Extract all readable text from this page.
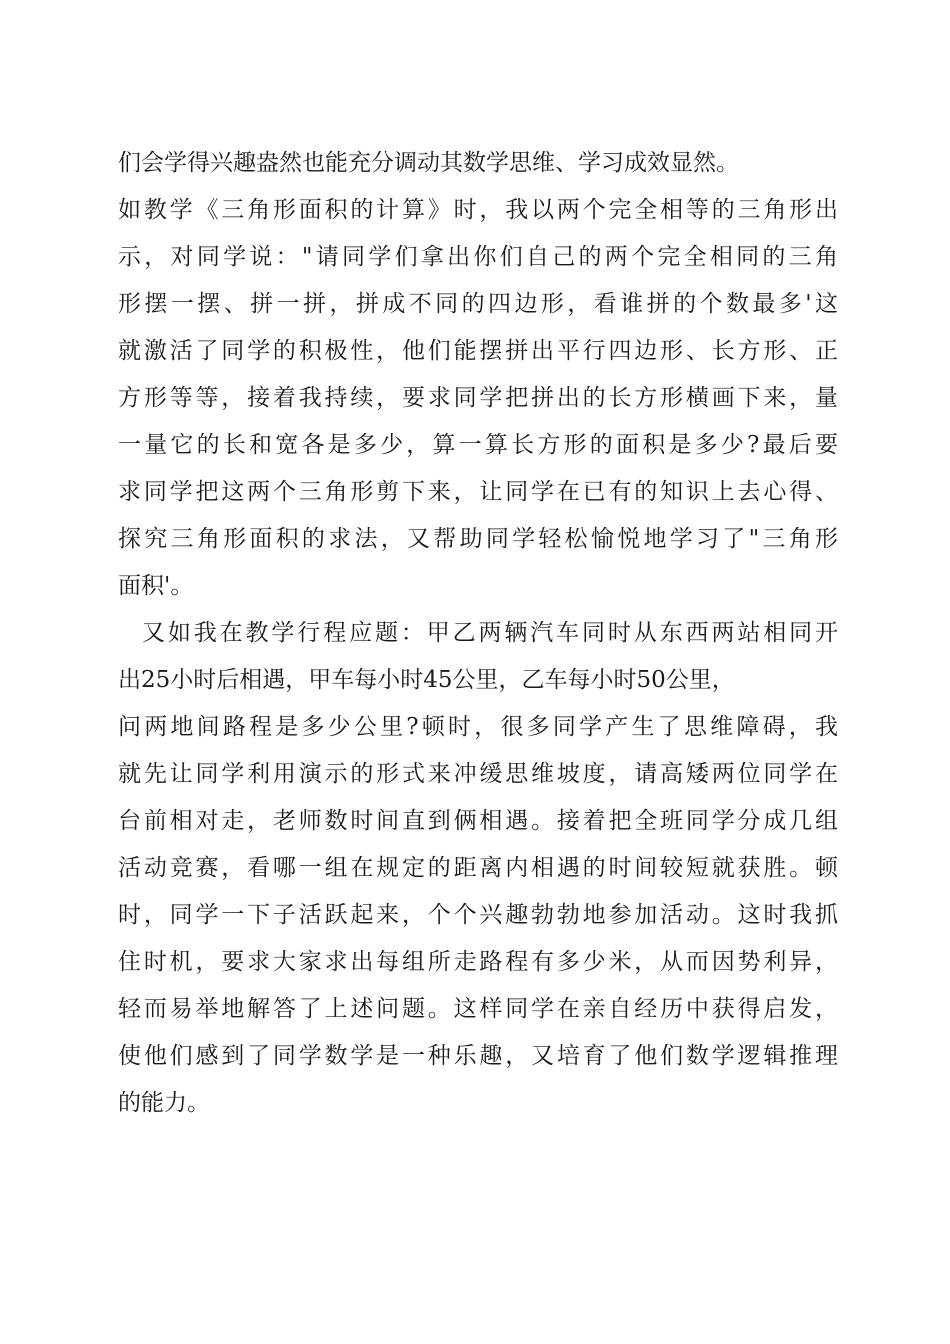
们会学得兴趣盎然也能充分调动其数学思维、学习成效显然。
如教学《三角形面积的计算》时，我以两个完全相等的三角形出
示，对同学说："请同学们拿出你们自己的两个完全相同的三角
形摆一摆、拼一拼，拼成不同的四边形，看谁拼的个数最多'这
就激活了同学的积极性，他们能摆拼出平行四边形、长方形、正
方形等等，接着我持续，要求同学把拼出的长方形横画下来，量
一量它的长和宽各是多少，算一算长方形的面积是多少?最后要
求同学把这两个三角形剪下来，让同学在已有的知识上去心得、
探究三角形面积的求法，又帮助同学轻松愉悦地学习了"三角形
面积'。
又如我在教学行程应题：甲乙两辆汽车同时从东西两站相同开
出25小时后相遇，甲车每小时45公里，乙车每小时50公里，
问两地间路程是多少公里?顿时，很多同学产生了思维障碍，我
就先让同学利用演示的形式来冲缓思维坡度，请高矮两位同学在
台前相对走，老师数时间直到俩相遇。接着把全班同学分成几组
活动竞赛，看哪一组在规定的距离内相遇的时间较短就获胜。顿
时，同学一下子活跃起来，个个兴趣勃勃地参加活动。这时我抓
住时机，要求大家求出每组所走路程有多少米，从而因势利异，
轻而易举地解答了上述问题。这样同学在亲自经历中获得启发，
使他们感到了同学数学是一种乐趣，又培育了他们数学逻辑推理
的能力。
